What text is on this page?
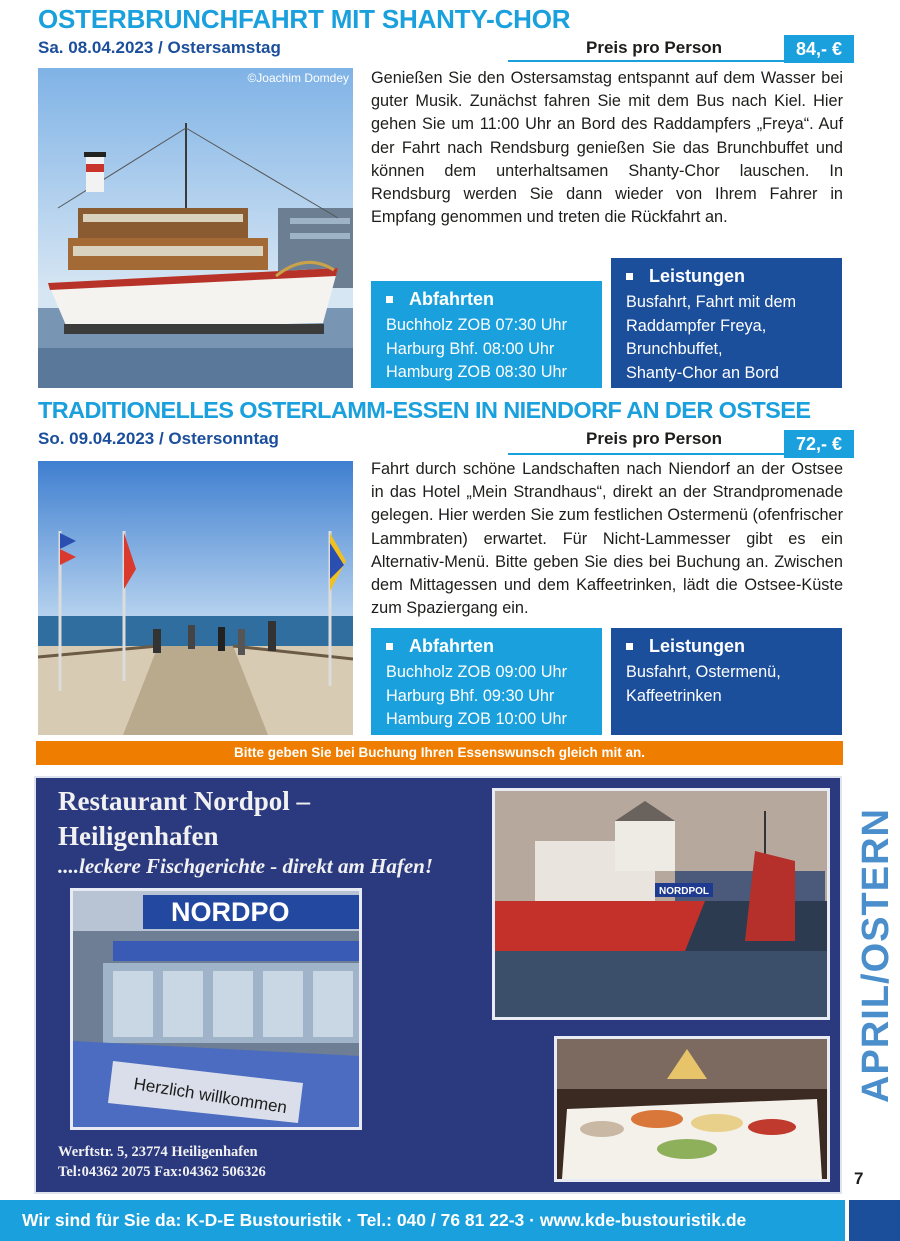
OSTERBRUNCHFAHRT MIT SHANTY-CHOR
Sa. 08.04.2023 / Ostersamstag	Preis pro Person	84,- €
©Joachim Domdey Genießen Sie den Ostersamstag entspannt auf dem Wasser bei guter Musik. Zunächst fahren Sie mit dem Bus nach Kiel. Hier gehen Sie um 11:00 Uhr an Bord des Raddampfers „Freya“. Auf der Fahrt nach Rendsburg genießen Sie das Brunchbuffet und können dem unterhaltsamen Shanty-Chor lauschen. In Rendsburg werden Sie dann wieder von Ihrem Fahrer in Empfang genommen und treten die Rückfahrt an.
Abfahrten
Buchholz ZOB 07:30 Uhr
Harburg Bhf. 08:00 Uhr
Hamburg ZOB 08:30 Uhr
Leistungen
Busfahrt, Fahrt mit dem
Raddampfer Freya,
Brunchbuffet,
Shanty-Chor an Bord
TRADITIONELLES OSTERLAMM-ESSEN IN NIENDORF AN DER OSTSEE
So. 09.04.2023 / Ostersonntag	Preis pro Person	72,- €
Fahrt durch schöne Landschaften nach Niendorf an der Ostsee in das Hotel „Mein Strandhaus“, direkt an der Strandpromenade gelegen. Hier werden Sie zum festlichen Ostermenü (ofenfrischer Lammbraten) erwartet. Für Nicht-Lammesser gibt es ein Alternativ-Menü. Bitte geben Sie dies bei Buchung an. Zwischen dem Mittagessen und dem Kaffeetrinken, lädt die Ostsee-Küste zum Spaziergang ein.
Abfahrten
Buchholz ZOB 09:00 Uhr
Harburg Bhf. 09:30 Uhr
Hamburg ZOB 10:00 Uhr
Leistungen
Busfahrt, Ostermenü,
Kaffeetrinken
Bitte geben Sie bei Buchung Ihren Essenswunsch gleich mit an.
Restaurant Nordpol –
Heiligenhafen
....leckere Fischgerichte - direkt am Hafen!
NORDPO
Herzlich willkommen
NORDPOL
Werftstr. 5, 23774 Heiligenhafen
Tel:04362 2075 Fax:04362 506326
APRIL/OSTERN
7
Wir sind für Sie da: K-D-E Bustouristik · Tel.: 040 / 76 81 22-3 · www.kde-bustouristik.de
